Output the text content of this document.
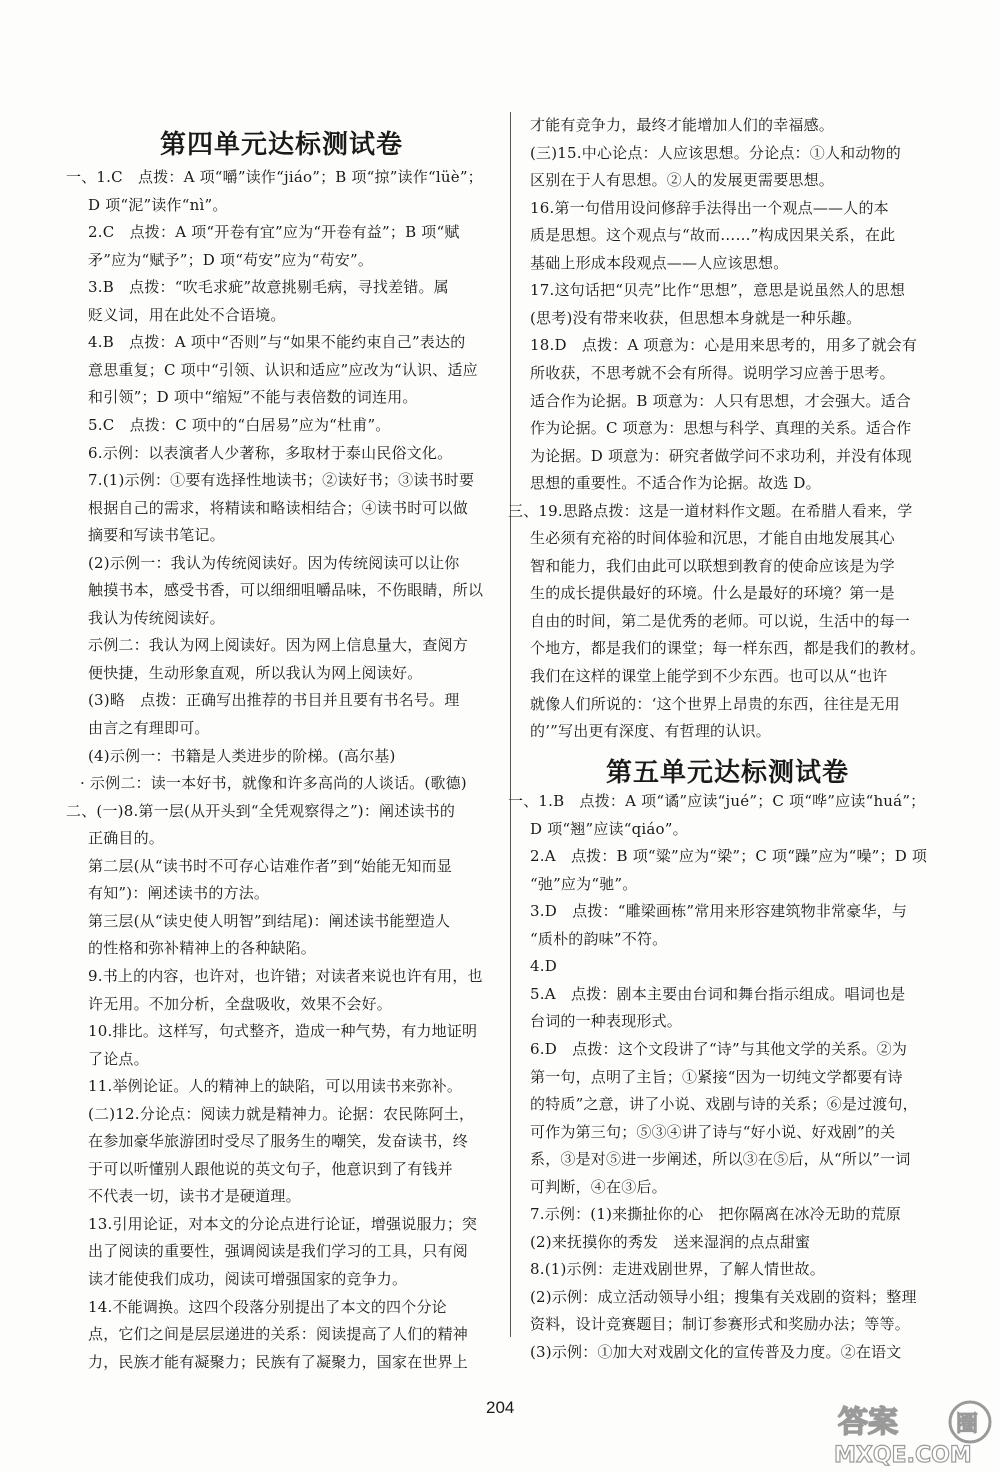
第四单元达标测试卷
一、1.C　点拨：A 项“嚼”读作“jiáo”；B 项“掠”读作“lüè”；
D 项“泥”读作“nì”。
2.C　点拨：A 项“开卷有宜”应为“开卷有益”；B 项“赋
矛”应为“赋予”；D 项“苟安”应为“苟安”。
3.B　点拨：“吹毛求疵”故意挑剔毛病，寻找差错。属
贬义词，用在此处不合语境。
4.B　点拨：A 项中“否则”与“如果不能约束自己”表达的
意思重复；C 项中“引领、认识和适应”应改为“认识、适应
和引领”；D 项中“缩短”不能与表倍数的词连用。
5.C　点拨：C 项中的“白居易”应为“杜甫”。
6.示例：以表演者人少著称，多取材于泰山民俗文化。
7.(1)示例：①要有选择性地读书；②读好书；③读书时要
根据自己的需求，将精读和略读相结合；④读书时可以做
摘要和写读书笔记。
(2)示例一：我认为传统阅读好。因为传统阅读可以让你
触摸书本，感受书香，可以细细咀嚼品味，不伤眼睛，所以
我认为传统阅读好。
示例二：我认为网上阅读好。因为网上信息量大，查阅方
便快捷，生动形象直观，所以我认为网上阅读好。
(3)略　点拨：正确写出推荐的书目并且要有书名号。理
由言之有理即可。
(4)示例一：书籍是人类进步的阶梯。(高尔基)
· 示例二：读一本好书，就像和许多高尚的人谈话。(歌德)
二、(一)8.第一层(从开头到“全凭观察得之”)：阐述读书的
正确目的。
第二层(从“读书时不可存心诘难作者”到“始能无知而显
有知”)：阐述读书的方法。
第三层(从“读史使人明智”到结尾)：阐述读书能塑造人
的性格和弥补精神上的各种缺陷。
9.书上的内容，也许对，也许错；对读者来说也许有用，也
许无用。不加分析，全盘吸收，效果不会好。
10.排比。这样写，句式整齐，造成一种气势，有力地证明
了论点。
11.举例论证。人的精神上的缺陷，可以用读书来弥补。
(二)12.分论点：阅读力就是精神力。论据：农民陈阿土，
在参加豪华旅游团时受尽了服务生的嘲笑，发奋读书，终
于可以听懂别人跟他说的英文句子，他意识到了有钱并
不代表一切，读书才是硬道理。
13.引用论证，对本文的分论点进行论证，增强说服力；突
出了阅读的重要性，强调阅读是我们学习的工具，只有阅
读才能使我们成功，阅读可增强国家的竞争力。
14.不能调换。这四个段落分别提出了本文的四个分论
点，它们之间是层层递进的关系：阅读提高了人们的精神
力，民族才能有凝聚力；民族有了凝聚力，国家在世界上
才能有竞争力，最终才能增加人们的幸福感。
(三)15.中心论点：人应该思想。分论点：①人和动物的
区别在于人有思想。②人的发展更需要思想。
16.第一句借用设问修辞手法得出一个观点——人的本
质是思想。这个观点与“故而……”构成因果关系，在此
基础上形成本段观点——人应该思想。
17.这句话把“贝壳”比作“思想”，意思是说虽然人的思想
(思考)没有带来收获，但思想本身就是一种乐趣。
18.D　点拨：A 项意为：心是用来思考的，用多了就会有
所收获，不思考就不会有所得。说明学习应善于思考。
适合作为论据。B 项意为：人只有思想，才会强大。适合
作为论据。C 项意为：思想与科学、真理的关系。适合作
为论据。D 项意为：研究者做学问不求功利，并没有体现
思想的重要性。不适合作为论据。故选 D。
三、19.思路点拨：这是一道材料作文题。在希腊人看来，学
生必须有充裕的时间体验和沉思，才能自由地发展其心
智和能力，我们由此可以联想到教育的使命应该是为学
生的成长提供最好的环境。什么是最好的环境？第一是
自由的时间，第二是优秀的老师。可以说，生活中的每一
个地方，都是我们的课堂；每一样东西，都是我们的教材。
我们在这样的课堂上能学到不少东西。也可以从“也许
就像人们所说的：‘这个世界上昂贵的东西，往往是无用
的’”写出更有深度、有哲理的认识。
第五单元达标测试卷
一、1.B　点拨：A 项“谲”应读“jué”；C 项“哗”应读“huá”；
D 项“翘”应读“qiáo”。
2.A　点拨：B 项“粱”应为“梁”；C 项“躁”应为“噪”；D 项
“弛”应为“驰”。
3.D　点拨：“雕梁画栋”常用来形容建筑物非常豪华，与
“质朴的韵味”不符。
4.D
5.A　点拨：剧本主要由台词和舞台指示组成。唱词也是
台词的一种表现形式。
6.D　点拨：这个文段讲了“诗”与其他文学的关系。②为
第一句，点明了主旨；①紧接“因为一切纯文学都要有诗
的特质”之意，讲了小说、戏剧与诗的关系；⑥是过渡句，
可作为第三句；⑤③④讲了诗与“好小说、好戏剧”的关
系，③是对⑤进一步阐述，所以③在⑤后，从“所以”一词
可判断，④在③后。
7.示例：(1)来撕扯你的心　把你隔离在冰冷无助的荒原
(2)来抚摸你的秀发　送来湿润的点点甜蜜
8.(1)示例：走进戏剧世界，了解人情世故。
(2)示例：成立活动领导小组；搜集有关戏剧的资料；整理
资料，设计竞赛题目；制订参赛形式和奖励办法；等等。
(3)示例：①加大对戏剧文化的宣传普及力度。②在语文
204	答案	圈
MXQE.COM
